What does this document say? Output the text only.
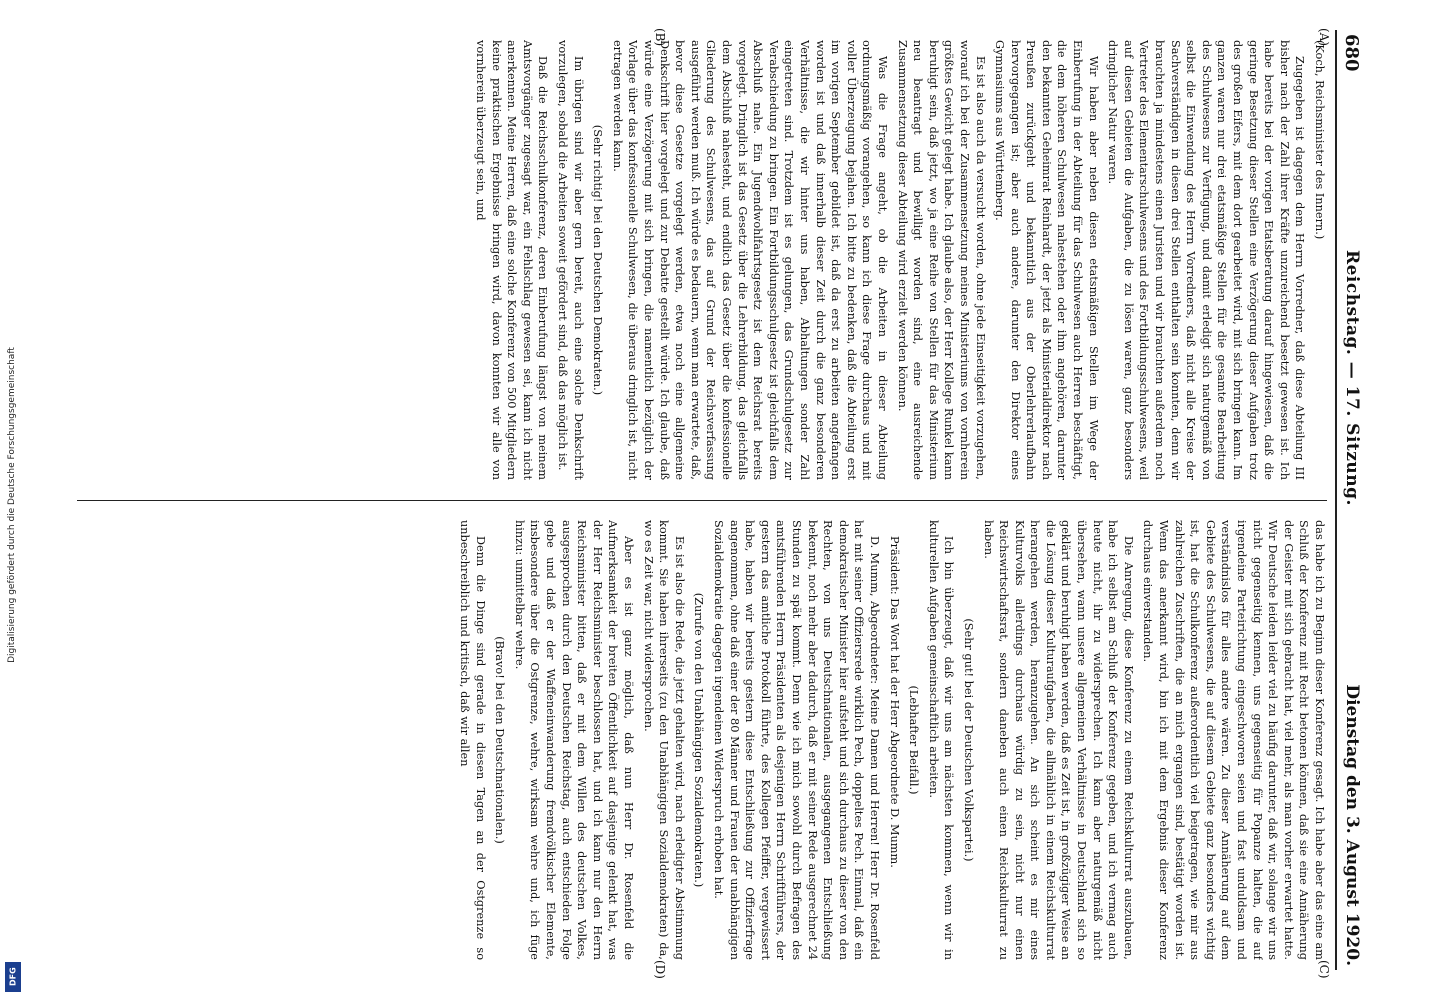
680
Reichstag. — 17. Sitzung.
Dienstag den 3. August 1920.
(A)
(B)
(C)
(D)

(Koch, Reichsminister des Innern.)

Zugegeben ist dagegen dem Herrn Vorredner, daß diese Abteilung III bisher nach der Zahl ihrer Kräfte unzureichend besetzt gewesen ist. Ich habe bereits bei der vorigen Etatsberatung darauf hingewiesen, daß die geringe Besetzung dieser Stellen eine Verzögerung dieser Aufgaben trotz des großen Eifers, mit dem dort gearbeitet wird, mit sich bringen kann. Im ganzen waren nur drei etatsmäßige Stellen für die gesamte Bearbeitung des Schulwesens zur Verfügung, und damit erledigt sich naturgemäß von selbst die Einwendung des Herrn Vorredners, daß nicht alle Kreise der Sachverständigen in diesen drei Stellen enthalten sein konnten, denn wir brauchten ja mindestens einen Juristen und wir brauchten außerdem noch Vertreter des Elementarschulwesens und des Fortbildungsschulwesens, weil auf diesen Gebieten die Aufgaben, die zu lösen waren, ganz besonders dringlicher Natur waren.

Wir haben aber neben diesen etatsmäßigen Stellen im Wege der Einberufung in der Abteilung für das Schulwesen auch Herren beschäftigt, die dem höheren Schulwesen nahestehen oder ihm angehören, darunter den bekannten Geheimrat Reinhardt, der jetzt als Ministerialdirektor nach Preußen zurückgeht und bekanntlich aus der Oberlehrerlaufbahn hervorgegangen ist; aber auch andere, darunter den Direktor eines Gymnasiums aus Württemberg.

Es ist also auch da versucht worden, ohne jede Einseitigkeit vorzugehen, worauf ich bei der Zusammensetzung meines Ministeriums von vornherein größtes Gewicht gelegt habe. Ich glaube also, der Herr Kollege Runkel kann beruhigt sein, daß jetzt, wo ja eine Reihe von Stellen für das Ministerium neu beantragt und bewilligt worden sind, eine ausreichende Zusammensetzung dieser Abteilung wird erzielt werden können.

Was die Frage angeht, ob die Arbeiten in dieser Abteilung ordnungsmäßig vorangehen, so kann ich diese Frage durchaus und mit voller Überzeugung bejahen. Ich bitte zu bedenken, daß die Abteilung erst im vorigen September gebildet ist, daß da erst zu arbeiten angefangen worden ist und daß innerhalb dieser Zeit durch die ganz besonderen Verhältnisse, die wir hinter uns haben, Abhaltungen sonder Zahl eingetreten sind. Trotzdem ist es gelungen, das Grundschulgesetz zur Verabschiedung zu bringen. Ein Fortbildungsschulgesetz ist gleichfalls dem Abschluß nahe. Ein Jugendwohlfahrtsgesetz ist dem Reichsrat bereits vorgelegt. Dringlich ist das Gesetz über die Lehrerbildung, das gleichfalls dem Abschluß nahesteht, und endlich das Gesetz über die konfessionelle Gliederung des Schulwesens, das auf Grund der Reichsverfassung ausgeführt werden muß. Ich würde es bedauern, wenn man erwartete, daß, bevor diese Gesetze vorgelegt werden, etwa noch eine allgemeine Denkschrift hier vorgelegt und zur Debatte gestellt würde. Ich glaube, daß würde eine Verzögerung mit sich bringen, die namentlich bezüglich der Vorlage über das konfessionelle Schulwesen, die überaus dringlich ist, nicht ertragen werden kann.

(Sehr richtig! bei den Deutschen Demokraten.)

Im übrigen sind wir aber gern bereit, auch eine solche Denkschrift vorzulegen, sobald die Arbeiten soweit gefördert sind, daß das möglich ist.

Daß die Reichsschulkonferenz, deren Einberufung längst von meinem Amtsvorgänger zugesagt war, ein Fehlschlag gewesen sei, kann ich nicht anerkennen. Meine Herren, daß eine solche Konferenz von 500 Mitgliedern keine praktischen Ergebnisse bringen wird, davon konnten wir alle von vornherein überzeugt sein, und

das habe ich zu Beginn dieser Konferenz gesagt. Ich habe aber das eine am Schluß der Konferenz mit Recht betonen können, daß sie eine Annäherung der Geister mit sich gebracht hat, viel mehr, als man vorher erwartet hatte. Wir Deutsche leiden leider viel zu häufig darunter, daß wir, solange wir uns nicht gegenseitig kennen, uns gegenseitig für Popanze halten, die auf irgendeine Parteirichtung eingeschworen seien und fast unduldsam und verständnislos für alles andere wären. Zu dieser Annäherung auf dem Gebiete des Schulwesens, die auf diesem Gebiete ganz besonders wichtig ist, hat die Schulkonferenz außerordentlich viel beigetragen, wie mir aus zahlreichen Zuschriften, die an mich ergangen sind, bestätigt worden ist. Wenn das anerkannt wird, bin ich mit dem Ergebnis dieser Konferenz durchaus einverstanden.

Die Anregung, diese Konferenz zu einem Reichskulturrat auszubauen, habe ich selbst am Schluß der Konferenz gegeben, und ich vermag auch heute nicht, ihr zu widersprechen. Ich kann aber naturgemäß nicht übersehen, wann unsere allgemeinen Verhältnisse in Deutschland sich so geklärt und beruhigt haben werden, daß es Zeit ist, in großzügiger Weise an die Lösung dieser Kulturaufgaben, die allmählich in einem Reichskulturrat herangehen werden, heranzugehen. An sich scheint es mir eines Kulturvolks allerdings durchaus würdig zu sein, nicht nur einen Reichswirtschaftsrat, sondern daneben auch einen Reichskulturrat zu haben.

(Sehr gut! bei der Deutschen Volkspartei.)

Ich bin überzeugt, daß wir uns am nächsten kommen, wenn wir in kulturellen Aufgaben gemeinschaftlich arbeiten.

(Lebhafter Beifall.)

Präsident: Das Wort hat der Herr Abgeordnete D. Mumm.

D. Mumm, Abgeordneter: Meine Damen und Herren! Herr Dr. Rosenfeld hat mit seiner Offiziersrede wirklich Pech, doppeltes Pech. Einmal, daß ein demokratischer Minister hier aufsteht und sich durchaus zu dieser von den Rechten, von uns Deutschnationalen, ausgegangenen Entschließung bekennt, noch mehr aber dadurch, daß er mit seiner Rede ausgerechnet 24 Stunden zu spät kommt. Denn wie ich mich sowohl durch Befragen des amtsführenden Herrn Präsidenten als desjenigen Herrn Schriftführers, der gestern das amtliche Protokoll führte, des Kollegen Pfeiffer, vergewissert habe, haben wir bereits gestern diese Entschließung zur Offizierfrage angenommen, ohne daß einer der 80 Männer und Frauen der unabhängigen Sozialdemokratie dagegen irgendeinen Widerspruch erhoben hat.

(Zurufe von den Unabhängigen Sozialdemokraten.)

Es ist also die Rede, die jetzt gehalten wird, nach erledigter Abstimmung kommt. Sie haben ihrerseits (zu den Unabhängigen Sozialdemokraten) da, wo es Zeit war, nicht widersprochen.

Aber es ist ganz möglich, daß nun Herr Dr. Rosenfeld die Aufmerksamkeit der breiten Öffentlichkeit auf dasjenige gelenkt hat, was der Herr Reichsminister beschlossen hat, und ich kann nur den Herrn Reichsminister bitten, daß er mit dem Willen des deutschen Volkes, ausgesprochen durch den Deutschen Reichstag, auch entschieden Folge gebe und daß er der Waffeneinwanderung fremdvölkischer Elemente, insbesondere über die Ostgrenze, wehre, wirksam wehre und, ich füge hinzu: unmittelbar wehre.

(Bravo! bei den Deutschnationalen.)

Denn die Dinge sind gerade in diesen Tagen an der Ostgrenze so unbeschreiblich und kritisch, daß wir allen

Digitalisierung gefördert durch die Deutsche Forschungsgemeinschaft
DFG
